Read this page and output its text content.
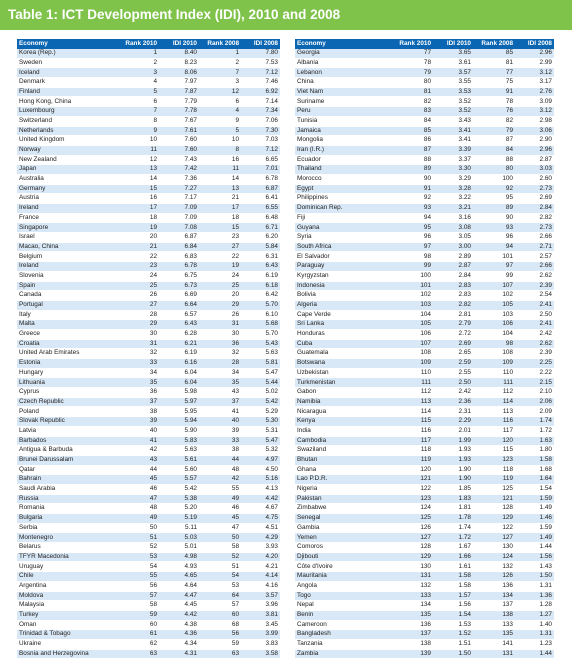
Table 1: ICT Development Index (IDI), 2010 and 2008
Economy	Rank 2010	IDI 2010	Rank 2008	IDI 2008
Korea (Rep.)	1	8.40	1	7.80
Sweden	2	8.23	2	7.53
Iceland	3	8.06	7	7.12
Denmark	4	7.97	3	7.46
Finland	5	7.87	12	6.92
Hong Kong, China	6	7.79	6	7.14
Luxembourg	7	7.78	4	7.34
Switzerland	8	7.67	9	7.06
Netherlands	9	7.61	5	7.30
United Kingdom	10	7.60	10	7.03
Norway	11	7.60	8	7.12
New Zealand	12	7.43	16	6.65
Japan	13	7.42	11	7.01
Australia	14	7.36	14	6.78
Germany	15	7.27	13	6.87
Austria	16	7.17	21	6.41
Ireland	17	7.09	17	6.55
France	18	7.09	18	6.48
Singapore	19	7.08	15	6.71
Israel	20	6.87	23	6.20
Macao, China	21	6.84	27	5.84
Belgium	22	6.83	22	6.31
Ireland	23	6.78	19	6.43
Slovenia	24	6.75	24	6.19
Spain	25	6.73	25	6.18
Canada	26	6.69	20	6.42
Portugal	27	6.64	29	5.70
Italy	28	6.57	26	6.10
Malta	29	6.43	31	5.68
Greece	30	6.28	30	5.70
Croatia	31	6.21	36	5.43
United Arab Emirates	32	6.19	32	5.63
Estonia	33	6.16	28	5.81
Hungary	34	6.04	34	5.47
Lithuania	35	6.04	35	5.44
Cyprus	36	5.98	43	5.02
Czech Republic	37	5.97	37	5.42
Poland	38	5.95	41	5.29
Slovak Republic	39	5.94	40	5.30
Latvia	40	5.90	39	5.31
Barbados	41	5.83	33	5.47
Antigua & Barbuda	42	5.63	38	5.32
Brunei Darussalam	43	5.61	44	4.97
Qatar	44	5.60	48	4.50
Bahrain	45	5.57	42	5.16
Saudi Arabia	46	5.42	55	4.13
Russia	47	5.38	49	4.42
Romania	48	5.20	46	4.67
Bulgaria	49	5.19	45	4.75
Serbia	50	5.11	47	4.51
Montenegro	51	5.03	50	4.29
Belarus	52	5.01	58	3.93
TFYR Macedonia	53	4.98	52	4.20
Uruguay	54	4.93	51	4.21
Chile	55	4.65	54	4.14
Argentina	56	4.64	53	4.16
Moldova	57	4.47	64	3.57
Malaysia	58	4.45	57	3.96
Turkey	59	4.42	60	3.81
Oman	60	4.38	68	3.45
Trinidad & Tobago	61	4.36	56	3.99
Ukraine	62	4.34	59	3.83
Bosnia and Herzegovina	63	4.31	63	3.58
Economy	Rank 2010	IDI 2010	Rank 2008	IDI 2008
Georgia	77	3.65	85	2.96
Albania	78	3.61	81	2.99
Lebanon	79	3.57	77	3.12
China	80	3.55	75	3.17
Viet Nam	81	3.53	91	2.76
Suriname	82	3.52	78	3.09
Peru	83	3.52	76	3.12
Tunisia	84	3.43	82	2.98
Jamaica	85	3.41	79	3.06
Mongolia	86	3.41	87	2.90
Iran (I.R.)	87	3.39	84	2.96
Ecuador	88	3.37	88	2.87
Thailand	89	3.30	80	3.03
Morocco	90	3.29	100	2.60
Egypt	91	3.28	92	2.73
Philippines	92	3.22	95	2.69
Dominican Rep.	93	3.21	89	2.84
Fiji	94	3.16	90	2.82
Guyana	95	3.08	93	2.73
Syria	96	3.05	96	2.66
South Africa	97	3.00	94	2.71
El Salvador	98	2.89	101	2.57
Paraguay	99	2.87	97	2.66
Kyrgyzstan	100	2.84	99	2.62
Indonesia	101	2.83	107	2.39
Bolivia	102	2.83	102	2.54
Algeria	103	2.82	105	2.41
Cape Verde	104	2.81	103	2.50
Sri Lanka	105	2.79	106	2.41
Honduras	106	2.72	104	2.42
Cuba	107	2.69	98	2.62
Guatemala	108	2.65	108	2.39
Botswana	109	2.59	109	2.25
Uzbekistan	110	2.55	110	2.22
Turkmenistan	111	2.50	111	2.15
Gabon	112	2.42	112	2.10
Namibia	113	2.36	114	2.06
Nicaragua	114	2.31	113	2.09
Kenya	115	2.29	116	1.74
India	116	2.01	117	1.72
Cambodia	117	1.99	120	1.63
Swaziland	118	1.93	115	1.80
Bhutan	119	1.93	123	1.58
Ghana	120	1.90	118	1.68
Lao P.D.R.	121	1.90	119	1.64
Nigeria	122	1.85	125	1.54
Pakistan	123	1.83	121	1.59
Zimbabwe	124	1.81	128	1.49
Senegal	125	1.78	129	1.46
Gambia	126	1.74	122	1.59
Yemen	127	1.72	127	1.49
Comoros	128	1.67	130	1.44
Djibouti	129	1.66	124	1.56
Côte d'Ivoire	130	1.61	132	1.43
Mauritania	131	1.58	126	1.50
Angola	132	1.58	136	1.31
Togo	133	1.57	134	1.36
Nepal	134	1.56	137	1.28
Benin	135	1.54	138	1.27
Cameroon	136	1.53	133	1.40
Bangladesh	137	1.52	135	1.31
Tanzania	138	1.51	141	1.23
Zambia	139	1.50	131	1.44
